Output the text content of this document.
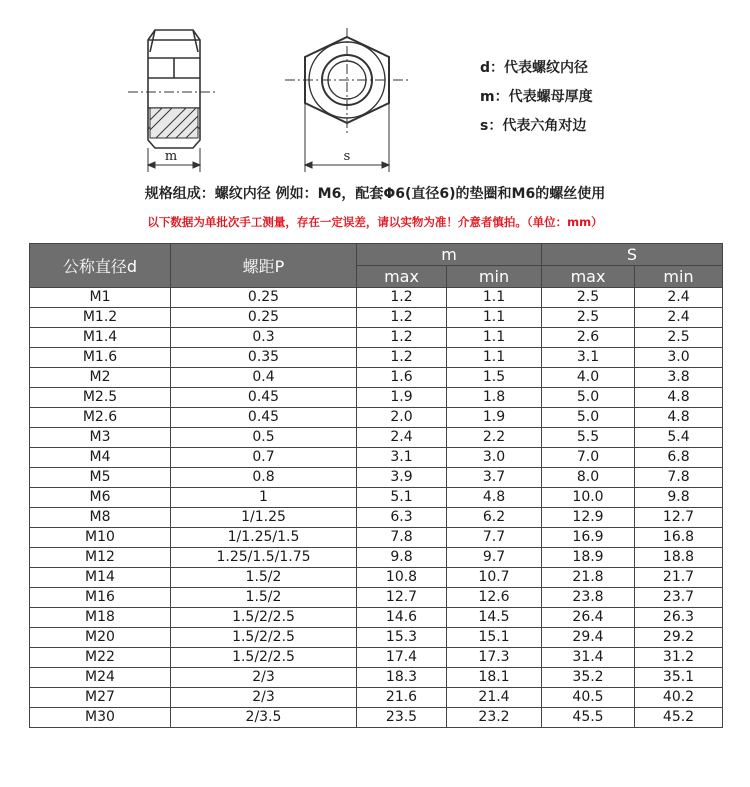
m	s
d：代表螺纹内径
m：代表螺母厚度
s：代表六角对边
规格组成：螺纹内径 例如：M6，配套Φ6(直径6)的垫圈和M6的螺丝使用
以下数据为单批次手工测量，存在一定误差，请以实物为准！介意者慎拍。（单位：mm）
公称直径d	螺距P	m		S	
		max	min	max	min
M1	0.25	1.2	1.1	2.5	2.4
M1.2	0.25	1.2	1.1	2.5	2.4
M1.4	0.3	1.2	1.1	2.6	2.5
M1.6	0.35	1.2	1.1	3.1	3.0
M2	0.4	1.6	1.5	4.0	3.8
M2.5	0.45	1.9	1.8	5.0	4.8
M2.6	0.45	2.0	1.9	5.0	4.8
M3	0.5	2.4	2.2	5.5	5.4
M4	0.7	3.1	3.0	7.0	6.8
M5	0.8	3.9	3.7	8.0	7.8
M6	1	5.1	4.8	10.0	9.8
M8	1/1.25	6.3	6.2	12.9	12.7
M10	1/1.25/1.5	7.8	7.7	16.9	16.8
M12	1.25/1.5/1.75	9.8	9.7	18.9	18.8
M14	1.5/2	10.8	10.7	21.8	21.7
M16	1.5/2	12.7	12.6	23.8	23.7
M18	1.5/2/2.5	14.6	14.5	26.4	26.3
M20	1.5/2/2.5	15.3	15.1	29.4	29.2
M22	1.5/2/2.5	17.4	17.3	31.4	31.2
M24	2/3	18.3	18.1	35.2	35.1
M27	2/3	21.6	21.4	40.5	40.2
M30	2/3.5	23.5	23.2	45.5	45.2
